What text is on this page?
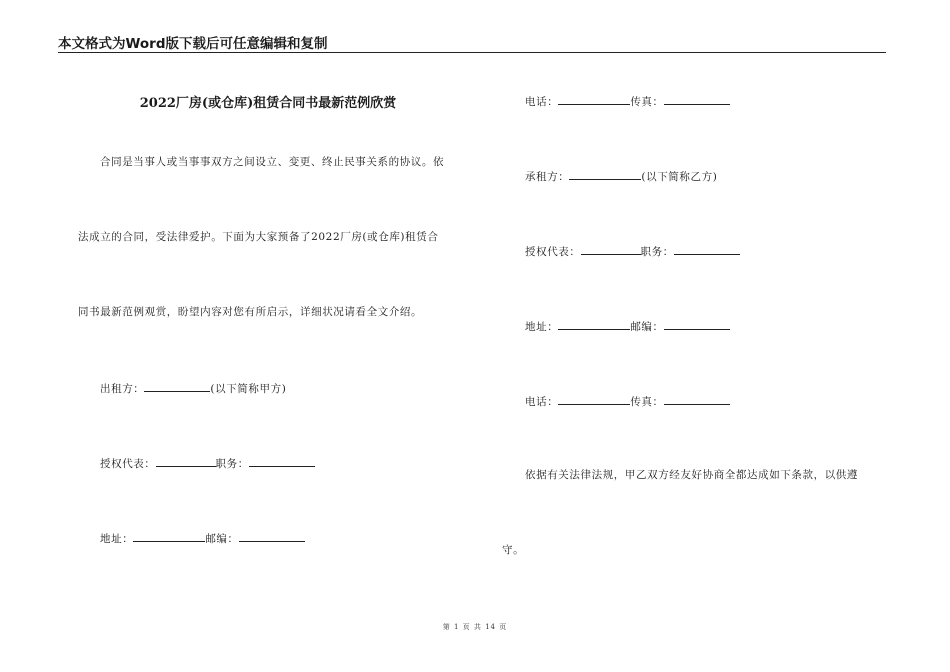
本文格式为Word版下载后可任意编辑和复制
2022厂房(或仓库)租赁合同书最新范例欣赏
合同是当事人或当事事双方之间设立、变更、终止民事关系的协议。依
法成立的合同，受法律爱护。下面为大家预备了2022厂房(或仓库)租赁合
同书最新范例观赏，盼望内容对您有所启示，详细状况请看全文介绍。
出租方：	(以下简称甲方)
授权代表：	职务：
地址：	邮编：
电话：	传真：
承租方：	(以下简称乙方)
授权代表：	职务：
地址：	邮编：
电话：	传真：
依据有关法律法规，甲乙双方经友好协商全都达成如下条款，以供遵
守。
第 1 页 共 14 页
